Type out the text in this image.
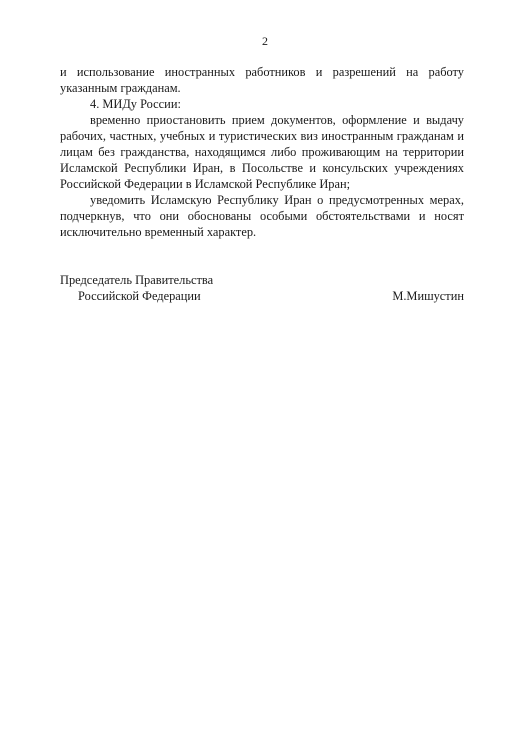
2

и использование иностранных работников и разрешений на работу указанным гражданам.

4. МИДу России:

временно приостановить прием документов, оформление и выдачу рабочих, частных, учебных и туристических виз иностранным гражданам и лицам без гражданства, находящимся либо проживающим на территории Исламской Республики Иран, в Посольстве и консульских учреждениях Российской Федерации в Исламской Республике Иран;

уведомить Исламскую Республику Иран о предусмотренных мерах, подчеркнув, что они обоснованы особыми обстоятельствами и носят исключительно временный характер.

Председатель Правительства
Российской Федерации	М.Мишустин
